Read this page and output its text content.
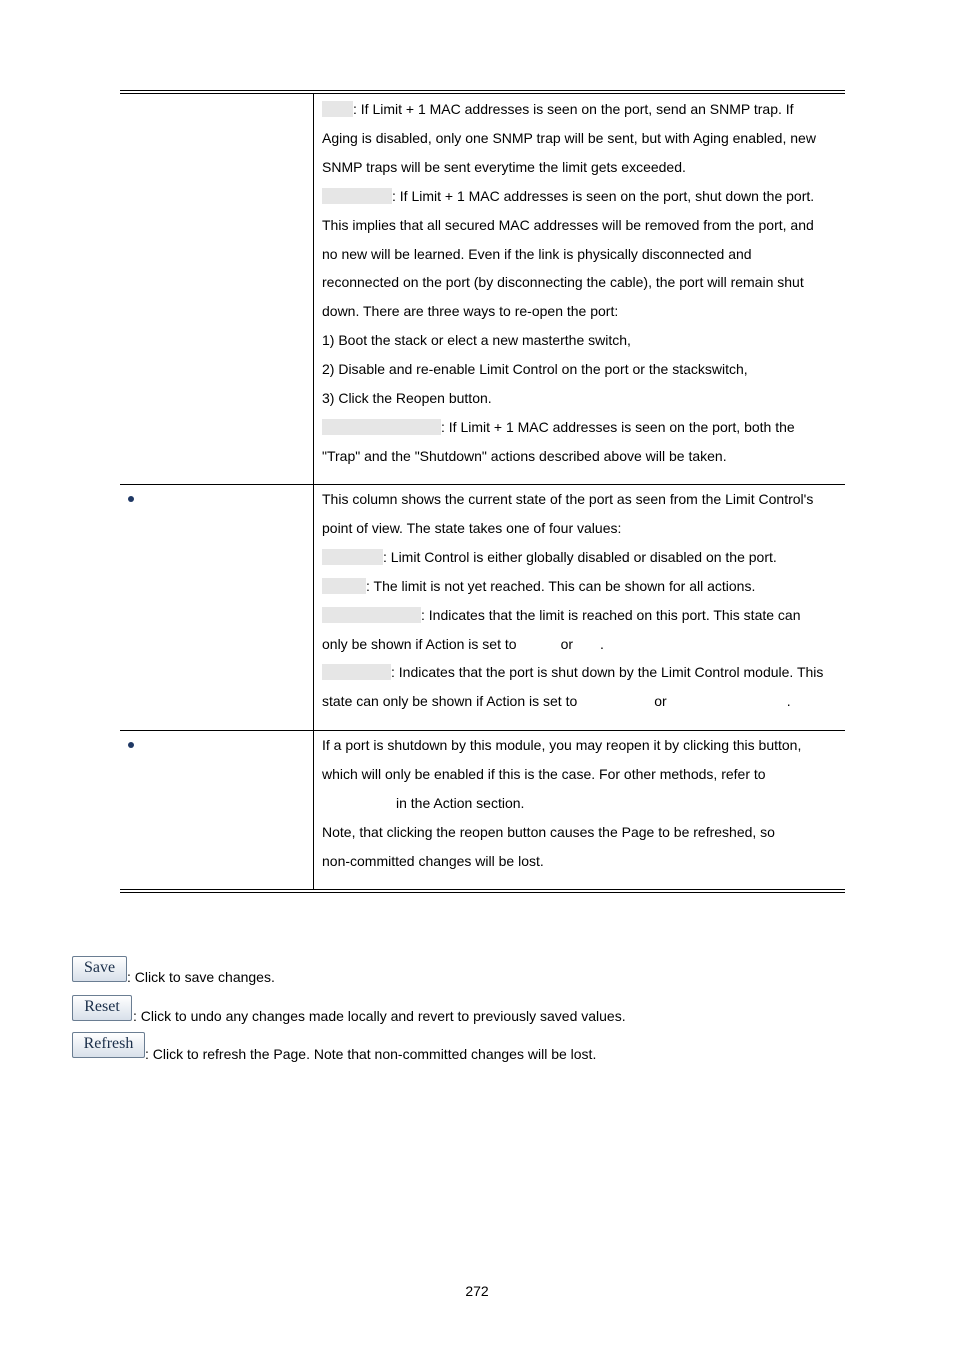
: If Limit + 1 MAC addresses is seen on the port, send an SNMP trap. If
Aging is disabled, only one SNMP trap will be sent, but with Aging enabled, new
SNMP traps will be sent everytime the limit gets exceeded.
: If Limit + 1 MAC addresses is seen on the port, shut down the port.
This implies that all secured MAC addresses will be removed from the port, and
no new will be learned. Even if the link is physically disconnected and
reconnected on the port (by disconnecting the cable), the port will remain shut
down. There are three ways to re-open the port:
1) Boot the stack or elect a new masterthe switch,
2) Disable and re-enable Limit Control on the port or the stackswitch,
3) Click the Reopen button.
: If Limit + 1 MAC addresses is seen on the port, both the
"Trap" and the "Shutdown" actions described above will be taken.
This column shows the current state of the port as seen from the Limit Control's
point of view. The state takes one of four values:
: Limit Control is either globally disabled or disabled on the port.
: The limit is not yet reached. This can be shown for all actions.
: Indicates that the limit is reached on this port. This state can
only be shown if Action is set to	or .
: Indicates that the port is shut down by the Limit Control module. This
state can only be shown if Action is set to	or	.
If a port is shutdown by this module, you may reopen it by clicking this button,
which will only be enabled if this is the case. For other methods, refer to
in the Action section.
Note, that clicking the reopen button causes the Page to be refreshed, so
non-committed changes will be lost.
Save
: Click to save changes.
Reset
: Click to undo any changes made locally and revert to previously saved values.
Refresh
: Click to refresh the Page. Note that non-committed changes will be lost.
272
